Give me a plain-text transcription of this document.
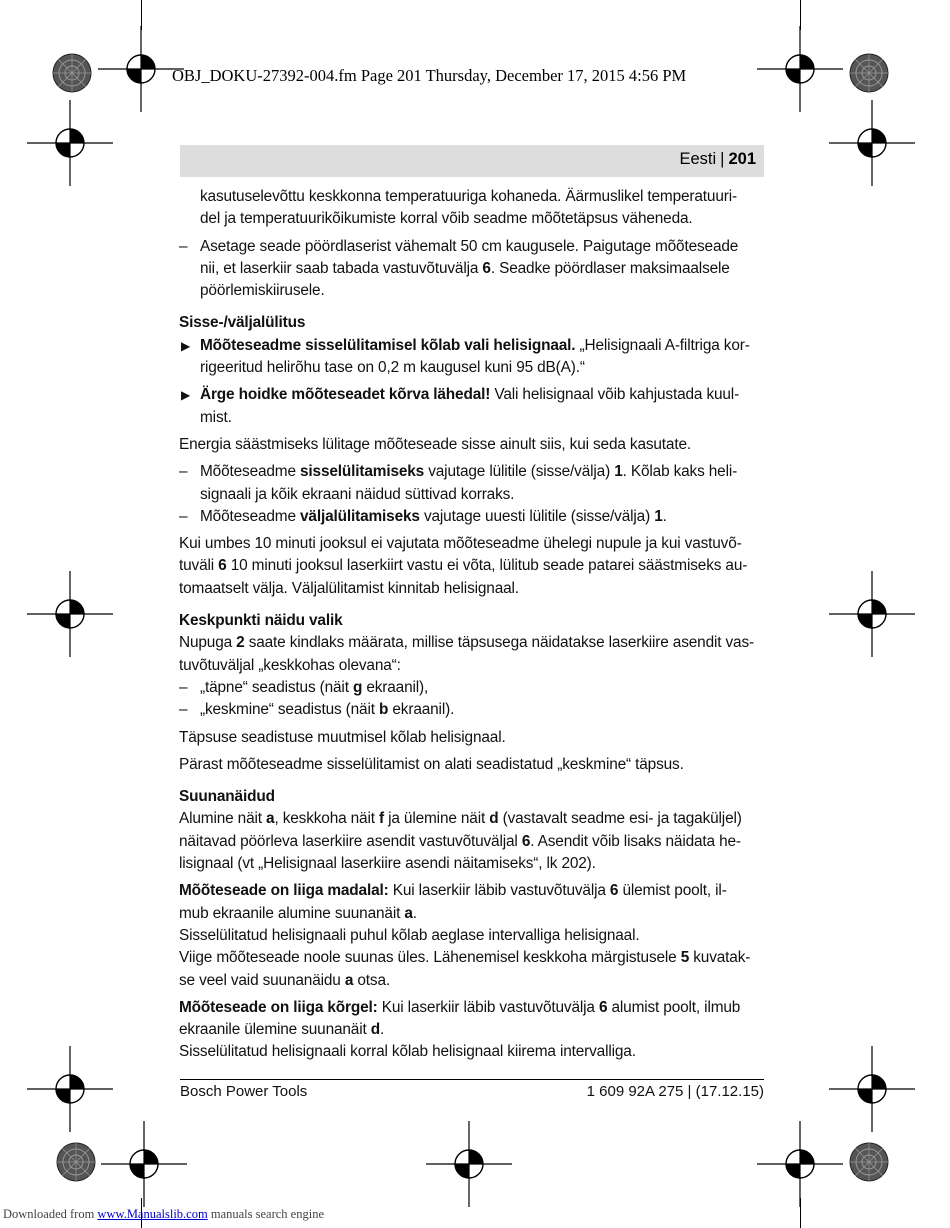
OBJ_DOKU-27392-004.fm Page 201 Thursday, December 17, 2015 4:56 PM
Eesti | 201

kasutuselevõttu keskkonna temperatuuriga kohaneda. Äärmuslikel temperatuuri-
del ja temperatuurikõikumiste korral võib seadme mõõtetäpsus väheneda.

– Asetage seade pöördlaserist vähemalt 50 cm kaugusele. Paigutage mõõteseade
nii, et laserkiir saab tabada vastuvõtuvälja 6. Seadke pöördlaser maksimaalsele
pöörlemiskiirusele.
Sisse-/väljalülitus
▶ Mõõteseadme sisselülitamisel kõlab vali helisignaal. „Helisignaali A-filtriga kor-
rigeeritud helirõhu tase on 0,2 m kaugusel kuni 95 dB(A).“
▶ Ärge hoidke mõõteseadet kõrva lähedal! Vali helisignaal võib kahjustada kuul-
mist.

Energia säästmiseks lülitage mõõteseade sisse ainult siis, kui seda kasutate.

– Mõõteseadme sisselülitamiseks vajutage lülitile (sisse/välja) 1. Kõlab kaks heli-
signaali ja kõik ekraani näidud süttivad korraks.
– Mõõteseadme väljalülitamiseks vajutage uuesti lülitile (sisse/välja) 1.

Kui umbes 10 minuti jooksul ei vajutata mõõteseadme ühelegi nupule ja kui vastuvõ-
tuväli 6 10 minuti jooksul laserkiirt vastu ei võta, lülitub seade patarei säästmiseks au-
tomaatselt välja. Väljalülitamist kinnitab helisignaal.

Keskpunkti näidu valik

Nupuga 2 saate kindlaks määrata, millise täpsusega näidatakse laserkiire asendit vas-
tuvõtuväljal „keskkohas olevana“:

– „täpne“ seadistus (näit g ekraanil),
– „keskmine“ seadistus (näit b ekraanil).

Täpsuse seadistuse muutmisel kõlab helisignaal.

Pärast mõõteseadme sisselülitamist on alati seadistatud „keskmine“ täpsus.

Suunanäidud

Alumine näit a, keskkoha näit f ja ülemine näit d (vastavalt seadme esi- ja tagaküljel)
näitavad pöörleva laserkiire asendit vastuvõtuväljal 6. Asendit võib lisaks näidata he-
lisignaal (vt „Helisignaal laserkiire asendi näitamiseks“, lk 202).

Mõõteseade on liiga madalal: Kui laserkiir läbib vastuvõtuvälja 6 ülemist poolt, il-
mub ekraanile alumine suunanäit a.
Sisselülitatud helisignaali puhul kõlab aeglase intervalliga helisignaal.
Viige mõõteseade noole suunas üles. Lähenemisel keskkoha märgistusele 5 kuvatak-
se veel vaid suunanäidu a otsa.

Mõõteseade on liiga kõrgel: Kui laserkiir läbib vastuvõtuvälja 6 alumist poolt, ilmub
ekraanile ülemine suunanäit d.
Sisselülitatud helisignaali korral kõlab helisignaal kiirema intervalliga.

Bosch Power Tools	1 609 92A 275 | (17.12.15)
Downloaded from www.Manualslib.com manuals search engine
